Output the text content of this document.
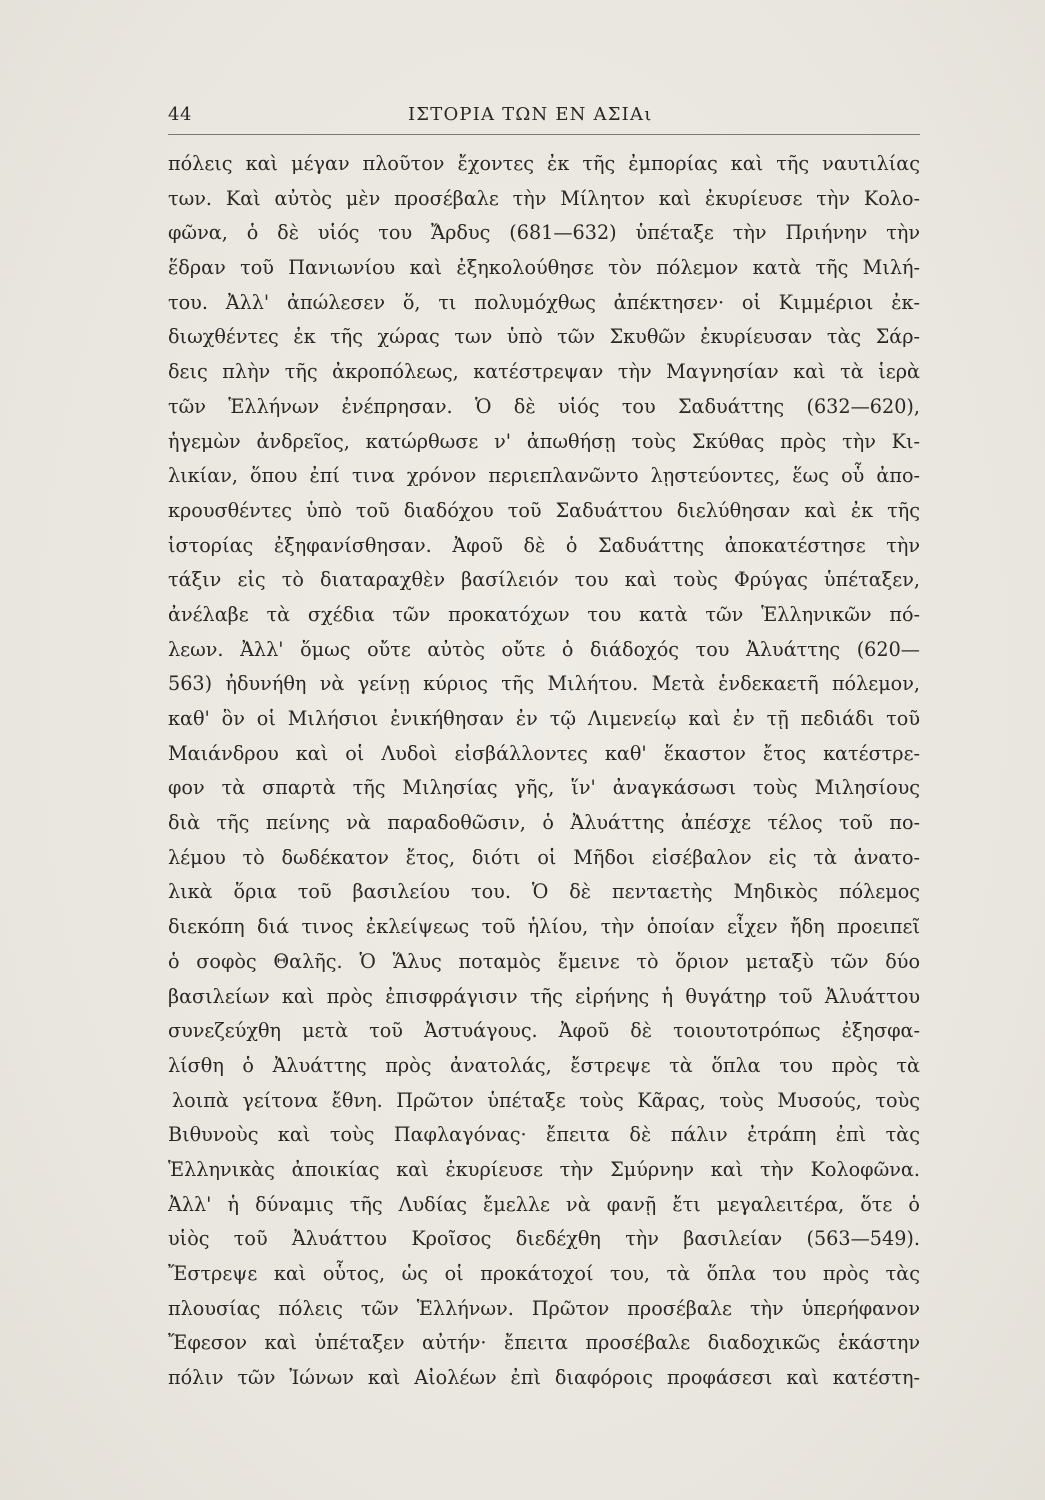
44	ΙΣΤΟΡΙΑ ΤΩΝ ΕΝ ΑΣΙΑι
πόλεις καὶ μέγαν πλοῦτον ἔχοντες ἐκ τῆς ἐμπορίας καὶ τῆς ναυτιλίας
των. Καὶ αὐτὸς μὲν προσέβαλε τὴν Μίλητον καὶ ἐκυρίευσε τὴν Κολο-
φῶνα, ὁ δὲ υἱός του Ἄρδυς (681—632) ὑπέταξε τὴν Πριήνην τὴν
ἕδραν τοῦ Πανιωνίου καὶ ἐξηκολούθησε τὸν πόλεμον κατὰ τῆς Μιλή-
του. Ἀλλ' ἀπώλεσεν ὅ, τι πολυμόχθως ἀπέκτησεν· οἱ Κιμμέριοι ἐκ-
διωχθέντες ἐκ τῆς χώρας των ὑπὸ τῶν Σκυθῶν ἐκυρίευσαν τὰς Σάρ-
δεις πλὴν τῆς ἀκροπόλεως, κατέστρεψαν τὴν Μαγνησίαν καὶ τὰ ἱερὰ
τῶν Ἑλλήνων ἐνέπρησαν. Ὁ δὲ υἱός του Σαδυάττης (632—620),
ἡγεμὼν ἀνδρεῖος, κατώρθωσε ν' ἀπωθήσῃ τοὺς Σκύθας πρὸς τὴν Κι-
λικίαν, ὅπου ἐπί τινα χρόνον περιεπλανῶντο λῃστεύοντες, ἕως οὗ ἀπο-
κρουσθέντες ὑπὸ τοῦ διαδόχου τοῦ Σαδυάττου διελύθησαν καὶ ἐκ τῆς
ἱστορίας ἐξηφανίσθησαν. Ἀφοῦ δὲ ὁ Σαδυάττης ἀποκατέστησε τὴν
τάξιν εἰς τὸ διαταραχθὲν βασίλειόν του καὶ τοὺς Φρύγας ὑπέταξεν,
ἀνέλαβε τὰ σχέδια τῶν προκατόχων του κατὰ τῶν Ἑλληνικῶν πό-
λεων. Ἀλλ' ὅμως οὔτε αὐτὸς οὔτε ὁ διάδοχός του Ἀλυάττης (620—
563) ἠδυνήθη νὰ γείνῃ κύριος τῆς Μιλήτου. Μετὰ ἑνδεκαετῆ πόλεμον,
καθ' ὃν οἱ Μιλήσιοι ἐνικήθησαν ἐν τῷ Λιμενείῳ καὶ ἐν τῇ πεδιάδι τοῦ
Μαιάνδρου καὶ οἱ Λυδοὶ εἰσβάλλοντες καθ' ἕκαστον ἔτος κατέστρε-
φον τὰ σπαρτὰ τῆς Μιλησίας γῆς, ἵν' ἀναγκάσωσι τοὺς Μιλησίους
διὰ τῆς πείνης νὰ παραδοθῶσιν, ὁ Ἀλυάττης ἀπέσχε τέλος τοῦ πο-
λέμου τὸ δωδέκατον ἔτος, διότι οἱ Μῆδοι εἰσέβαλον εἰς τὰ ἀνατο-
λικὰ ὅρια τοῦ βασιλείου του. Ὁ δὲ πενταετὴς Μηδικὸς πόλεμος
διεκόπη διά τινος ἐκλείψεως τοῦ ἡλίου, τὴν ὁποίαν εἶχεν ἤδη προειπεῖ
ὁ σοφὸς Θαλῆς. Ὁ Ἅλυς ποταμὸς ἔμεινε τὸ ὅριον μεταξὺ τῶν δύο
βασιλείων καὶ πρὸς ἐπισφράγισιν τῆς εἰρήνης ἡ θυγάτηρ τοῦ Ἀλυάττου
συνεζεύχθη μετὰ τοῦ Ἀστυάγους. Ἀφοῦ δὲ τοιουτοτρόπως ἐξησφα-
λίσθη ὁ Ἀλυάττης πρὸς ἀνατολάς, ἔστρεψε τὰ ὅπλα του πρὸς τὰ
λοιπὰ γείτονα ἔθνη. Πρῶτον ὑπέταξε τοὺς Κᾶρας, τοὺς Μυσούς, τοὺς
Βιθυνοὺς καὶ τοὺς Παφλαγόνας· ἔπειτα δὲ πάλιν ἐτράπη ἐπὶ τὰς
Ἑλληνικὰς ἀποικίας καὶ ἐκυρίευσε τὴν Σμύρνην καὶ τὴν Κολοφῶνα.
Ἀλλ' ἡ δύναμις τῆς Λυδίας ἔμελλε νὰ φανῇ ἔτι μεγαλειτέρα, ὅτε ὁ
υἱὸς τοῦ Ἀλυάττου Κροῖσος διεδέχθη τὴν βασιλείαν (563—549).
Ἔστρεψε καὶ οὗτος, ὡς οἱ προκάτοχοί του, τὰ ὅπλα του πρὸς τὰς
πλουσίας πόλεις τῶν Ἑλλήνων. Πρῶτον προσέβαλε τὴν ὑπερήφανον
Ἔφεσον καὶ ὑπέταξεν αὐτήν· ἔπειτα προσέβαλε διαδοχικῶς ἑκάστην
πόλιν τῶν Ἰώνων καὶ Αἰολέων ἐπὶ διαφόροις προφάσεσι καὶ κατέστη-
